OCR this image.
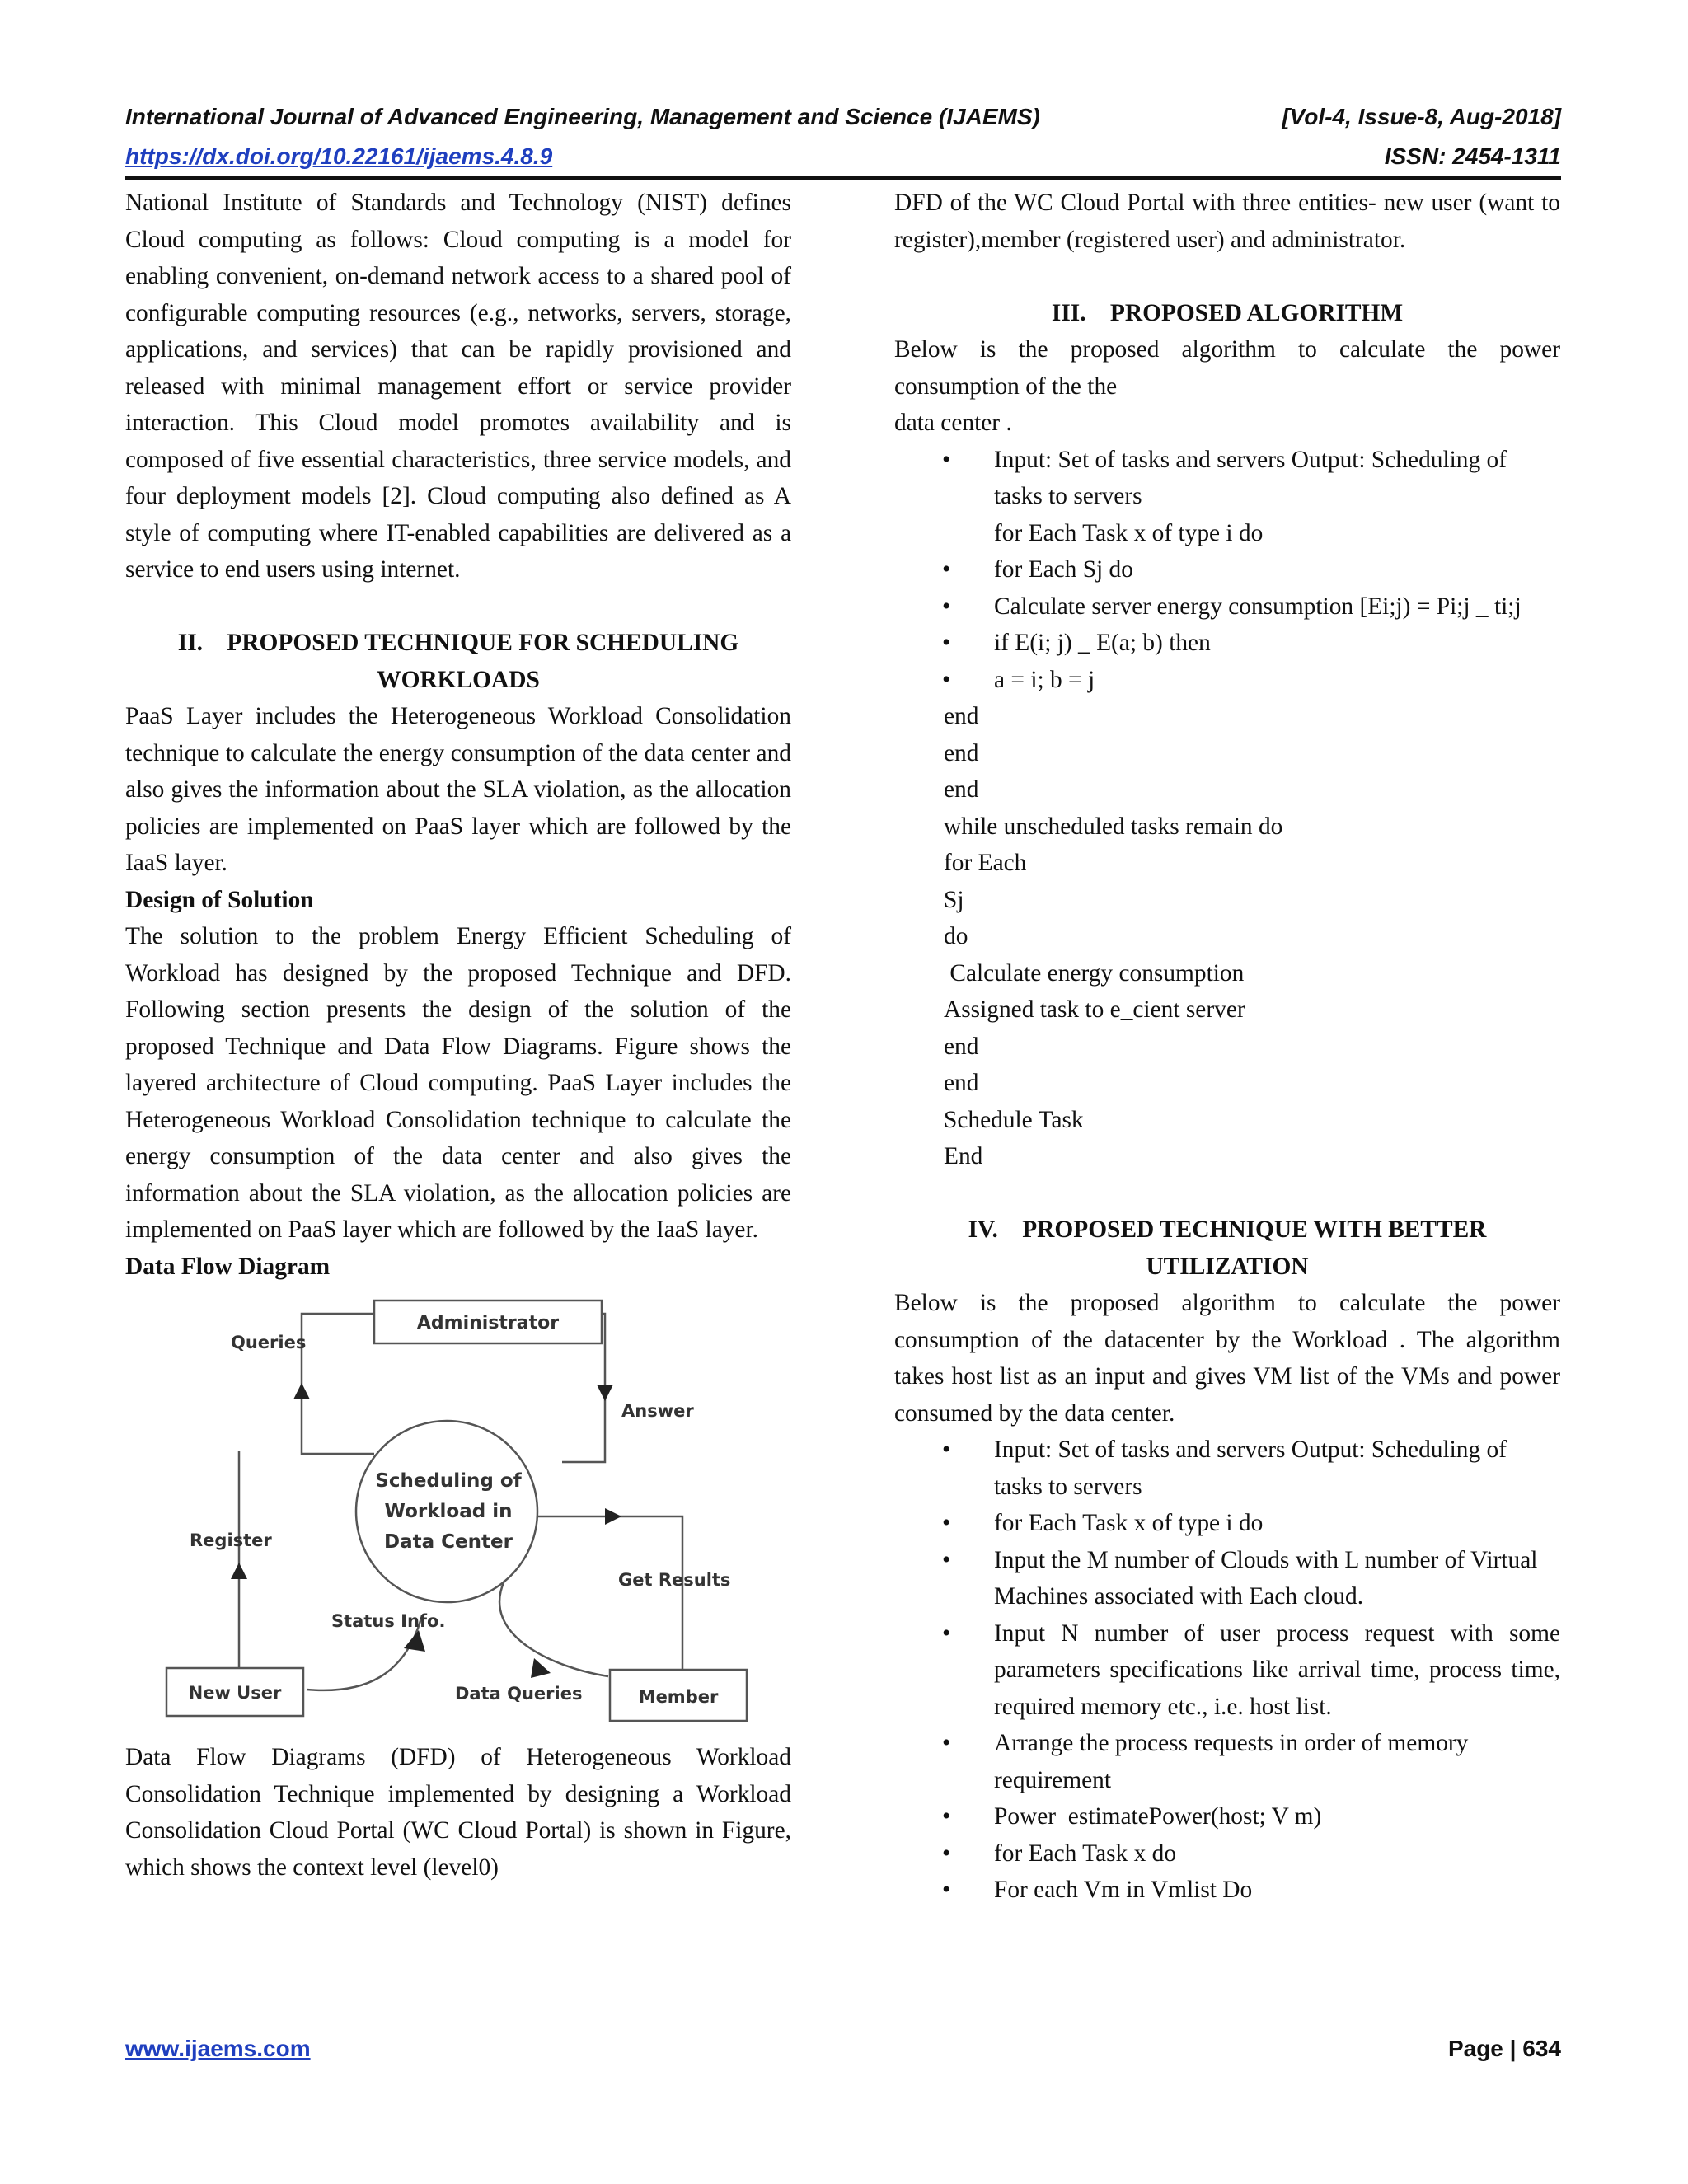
International Journal of Advanced Engineering, Management and Science (IJAEMS)	[Vol-4, Issue-8, Aug-2018]
https://dx.doi.org/10.22161/ijaems.4.8.9	ISSN: 2454-1311

National Institute of Standards and Technology (NIST) defines Cloud computing as follows: Cloud computing is a model for enabling convenient, on-demand network access to a shared pool of configurable computing resources (e.g., networks, servers, storage, applications, and services) that can be rapidly provisioned and released with minimal management effort or service provider interaction. This Cloud model promotes availability and is composed of five essential characteristics, three service models, and four deployment models [2]. Cloud computing also defined as A style of computing where IT-enabled capabilities are delivered as a service to end users using internet.

II.    PROPOSED TECHNIQUE FOR SCHEDULING

WORKLOADS

PaaS Layer includes the Heterogeneous Workload Consolidation technique to calculate the energy consumption of the data center and also gives the information about the SLA violation, as the allocation policies are implemented on PaaS layer which are followed by the IaaS layer.

Design of Solution

The solution to the problem Energy Efficient Scheduling of Workload has designed by the proposed Technique and DFD. Following section presents the design of the solution of the proposed Technique and Data Flow Diagrams. Figure shows the layered architecture of Cloud computing. PaaS Layer includes the Heterogeneous Workload Consolidation technique to calculate the energy consumption of the data center and also gives the information about the SLA violation, as the allocation policies are implemented on PaaS layer which are followed by the IaaS layer.

Data Flow Diagram

Administrator
Queries
Answer
Scheduling of
Workload in
Data Center
Register
Get Results
Status Info.
Data Queries
New User	Member

Data Flow Diagrams (DFD) of Heterogeneous Workload Consolidation Technique implemented by designing a Workload Consolidation Cloud Portal (WC Cloud Portal) is shown in Figure, which shows the context level (level0)

DFD of the WC Cloud Portal with three entities- new user (want to register),member (registered user) and administrator.

III.    PROPOSED ALGORITHM

Below is the proposed algorithm to calculate the power consumption of the the

data center .

• Input: Set of tasks and servers Output: Scheduling of tasks to servers

for Each Task x of type i do

• for Each Sj do
• Calculate server energy consumption [Ei;j) = Pi;j _ ti;j
• if E(i; j) _ E(a; b) then
• a = i; b = j

end

end

end

while unscheduled tasks remain do

for Each

Sj

do

Calculate energy consumption

Assigned task to e_cient server

end

end

Schedule Task

End

IV.    PROPOSED TECHNIQUE WITH BETTER

UTILIZATION

Below is the proposed algorithm to calculate the power consumption of the datacenter by the Workload . The algorithm takes host list as an input and gives VM list of the VMs and power consumed by the data center.

• Input: Set of tasks and servers Output: Scheduling of tasks to servers
• for Each Task x of type i do
• Input the M number of Clouds with L number of Virtual Machines associated with Each cloud.
• Input N number of user process request with some parameters specifications like arrival time, process time, required memory etc., i.e. host list.
• Arrange the process requests in order of memory requirement
• Power  estimatePower(host; V m)
• for Each Task x do
• For each Vm in Vmlist Do
www.ijaems.com	Page | 634
